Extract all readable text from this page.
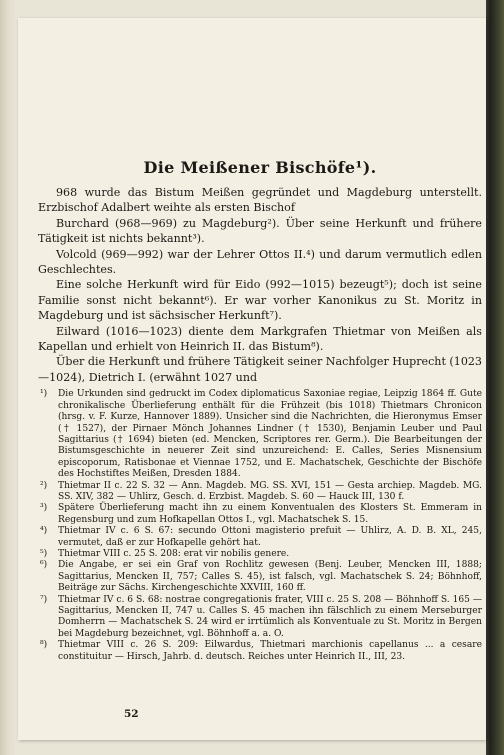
Die Meißener Bischöfe¹).

968 wurde das Bistum Meißen gegründet und Magdeburg unterstellt. Erzbischof Adalbert weihte als ersten Bischof

Burchard (968—969) zu Magdeburg²). Über seine Herkunft und frühere Tätigkeit ist nichts bekannt³).

Volcold (969—992) war der Lehrer Ottos II.⁴) und darum vermutlich edlen Geschlechtes.

Eine solche Herkunft wird für Eido (992—1015) bezeugt⁵); doch ist seine Familie sonst nicht bekannt⁶). Er war vorher Kanonikus zu St. Moritz in Magdeburg und ist sächsischer Herkunft⁷).

Eilward (1016—1023) diente dem Markgrafen Thietmar von Meißen als Kapellan und erhielt von Heinrich II. das Bistum⁸).

Über die Herkunft und frühere Tätigkeit seiner Nachfolger Huprecht (1023—1024), Dietrich I. (erwähnt 1027 und

¹)	Die Urkunden sind gedruckt im Codex diplomaticus Saxoniae regiae, Leipzig 1864 ff. Gute chronikalische Überlieferung enthält für die Frühzeit (bis 1018) Thietmars Chronicon (hrsg. v. F. Kurze, Hannover 1889). Unsicher sind die Nachrichten, die Hieronymus Emser († 1527), der Pirnaer Mönch Johannes Lindner († 1530), Benjamin Leuber und Paul Sagittarius († 1694) bieten (ed. Mencken, Scriptores rer. Germ.). Die Bearbeitungen der Bistumsgeschichte in neuerer Zeit sind unzureichend: E. Calles, Series Misnensium episcoporum, Ratisbonae et Viennae 1752, und E. Machatschek, Geschichte der Bischöfe des Hochstiftes Meißen, Dresden 1884.
²)	Thietmar II c. 22 S. 32 — Ann. Magdeb. MG. SS. XVI, 151 — Gesta archiep. Magdeb. MG. SS. XIV, 382 — Uhlirz, Gesch. d. Erzbist. Magdeb. S. 60 — Hauck III, 130 f.
³)	Spätere Überlieferung macht ihn zu einem Konventualen des Klosters St. Emmeram in Regensburg und zum Hofkapellan Ottos I., vgl. Machatschek S. 15.
⁴)	Thietmar IV c. 6 S. 67: secundo Ottoni magisterio prefuit — Uhlirz, A. D. B. XL, 245, vermutet, daß er zur Hofkapelle gehört hat.
⁵)	Thietmar VIII c. 25 S. 208: erat vir nobilis genere.
⁶)	Die Angabe, er sei ein Graf von Rochlitz gewesen (Benj. Leuber, Mencken III, 1888; Sagittarius, Mencken II, 757; Calles S. 45), ist falsch, vgl. Machatschek S. 24; Böhnhoff, Beiträge zur Sächs. Kirchengeschichte XXVIII, 160 ff.
⁷)	Thietmar IV c. 6 S. 68: nostrae congregationis frater, VIII c. 25 S. 208 — Böhnhoff S. 165 — Sagittarius, Mencken II, 747 u. Calles S. 45 machen ihn fälschlich zu einem Merseburger Domherrn — Machatschek S. 24 wird er irrtümlich als Konventuale zu St. Moritz in Bergen bei Magdeburg bezeichnet, vgl. Böhnhoff a. a. O.
⁸)	Thietmar VIII c. 26 S. 209: Eilwardus, Thietmari marchionis capellanus ... a cesare constituitur — Hirsch, Jahrb. d. deutsch. Reiches unter Heinrich II., III, 23.
52
